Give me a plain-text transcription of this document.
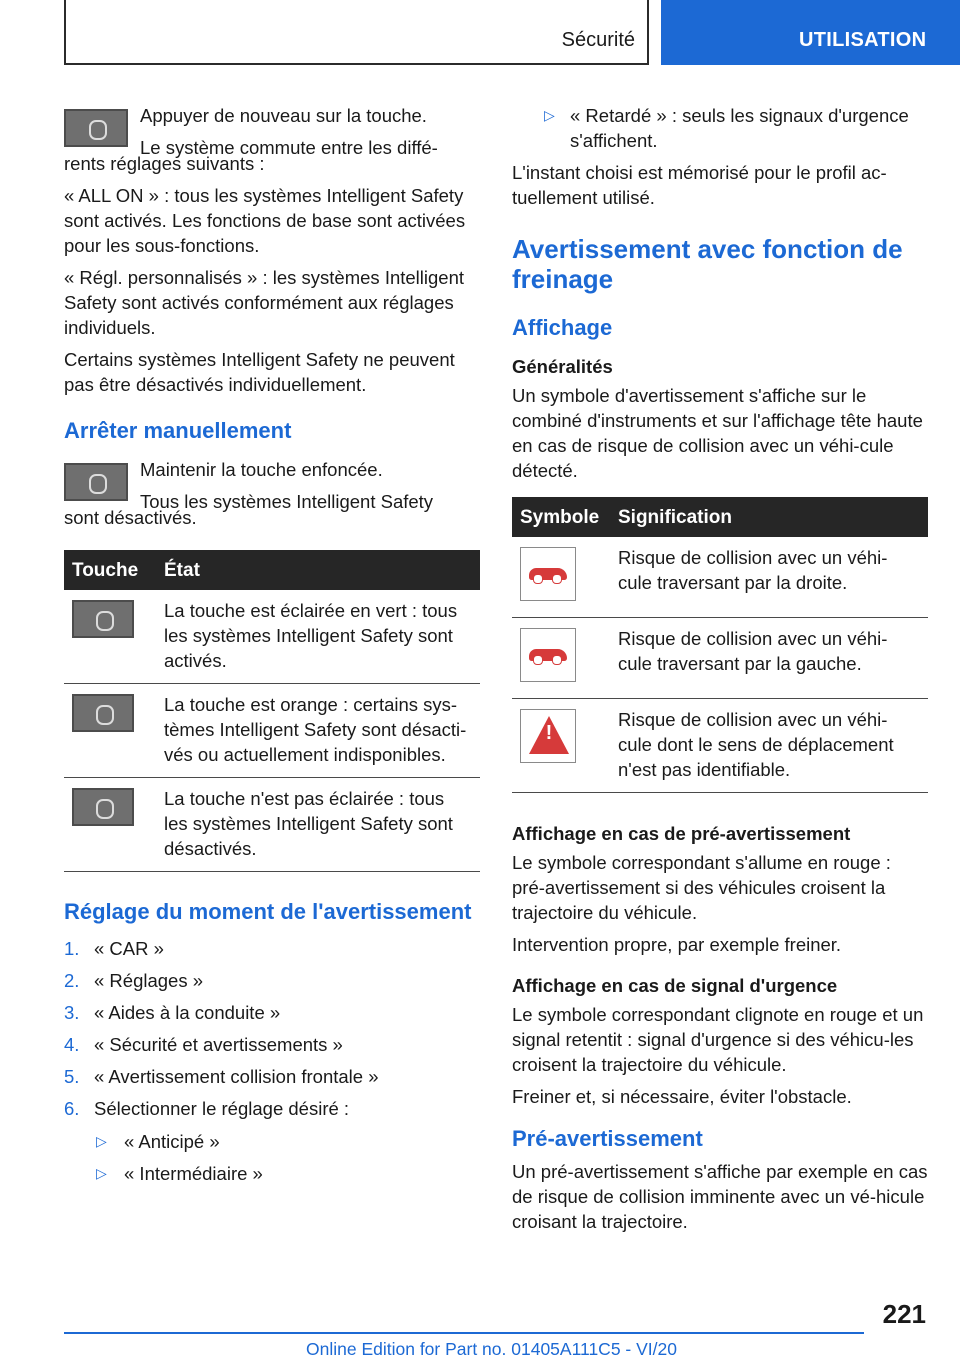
Sécurité	UTILISATION

Appuyer de nouveau sur la touche.

Le système commute entre les diffé-

rents réglages suivants :

« ALL ON » : tous les systèmes Intelligent Safety sont activés. Les fonctions de base sont activées pour les sous-fonctions.

« Régl. personnalisés » : les systèmes Intelligent Safety sont activés conformément aux réglages individuels.

Certains systèmes Intelligent Safety ne peuvent pas être désactivés individuellement.

Arrêter manuellement

Maintenir la touche enfoncée.

Tous les systèmes Intelligent Safety

sont désactivés.

Touche	État
	La touche est éclairée en vert : tous les systèmes Intelligent Safety sont activés.
	La touche est orange : certains sys-tèmes Intelligent Safety sont désacti-vés ou actuellement indisponibles.
	La touche n'est pas éclairée : tous les systèmes Intelligent Safety sont désactivés.
Réglage du moment de l'avertissement
1. « CAR »
2. « Réglages »
3. « Aides à la conduite »
4. « Sécurité et avertissements »
5. « Avertissement collision frontale »
6. Sélectionner le réglage désiré :
▷ « Anticipé »
▷ « Intermédiaire »
▷ « Retardé » : seuls les signaux d'urgence s'affichent.

L'instant choisi est mémorisé pour le profil ac-tuellement utilisé.

Avertissement avec fonction de freinage
Affichage
Généralités

Un symbole d'avertissement s'affiche sur le combiné d'instruments et sur l'affichage tête haute en cas de risque de collision avec un véhi-cule détecté.

Symbole	Signification

	Risque de collision avec un véhi-cule traversant par la droite.

	Risque de collision avec un véhi-cule traversant par la gauche.

!	Risque de collision avec un véhi-cule dont le sens de déplacement n'est pas identifiable.
Affichage en cas de pré-avertissement

Le symbole correspondant s'allume en rouge : pré-avertissement si des véhicules croisent la trajectoire du véhicule.

Intervention propre, par exemple freiner.

Affichage en cas de signal d'urgence

Le symbole correspondant clignote en rouge et un signal retentit : signal d'urgence si des véhicu-les croisent la trajectoire du véhicule.

Freiner et, si nécessaire, éviter l'obstacle.

Pré-avertissement

Un pré-avertissement s'affiche par exemple en cas de risque de collision imminente avec un vé-hicule croisant la trajectoire.

221
Online Edition for Part no. 01405A111C5 - VI/20
